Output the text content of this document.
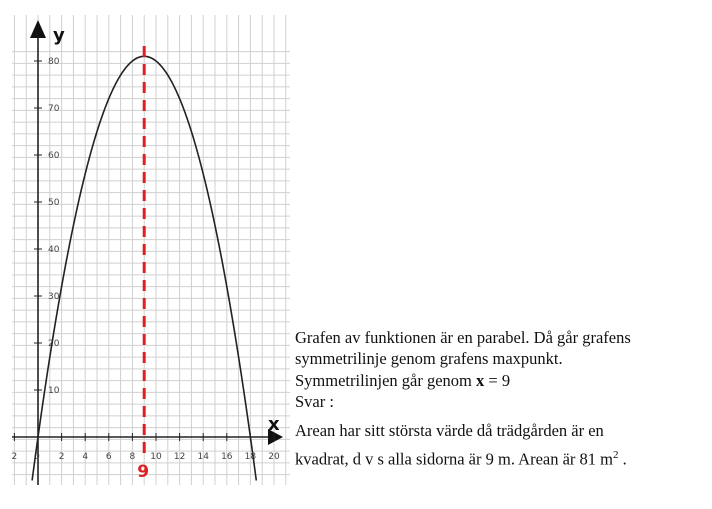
x
y
2	2 4 6 8 10 12 14 16 18 20
0
10
20
30
40
50
60
70
80
9
Grafen av funktionen är en parabel. Då går grafens
symmetrilinje genom grafens maxpunkt.
Symmetrilinjen går genom x = 9
Svar :
Arean har sitt största värde då trädgården är en
kvadrat, d v s alla sidorna är 9 m. Arean är 81 $m^2$ .
